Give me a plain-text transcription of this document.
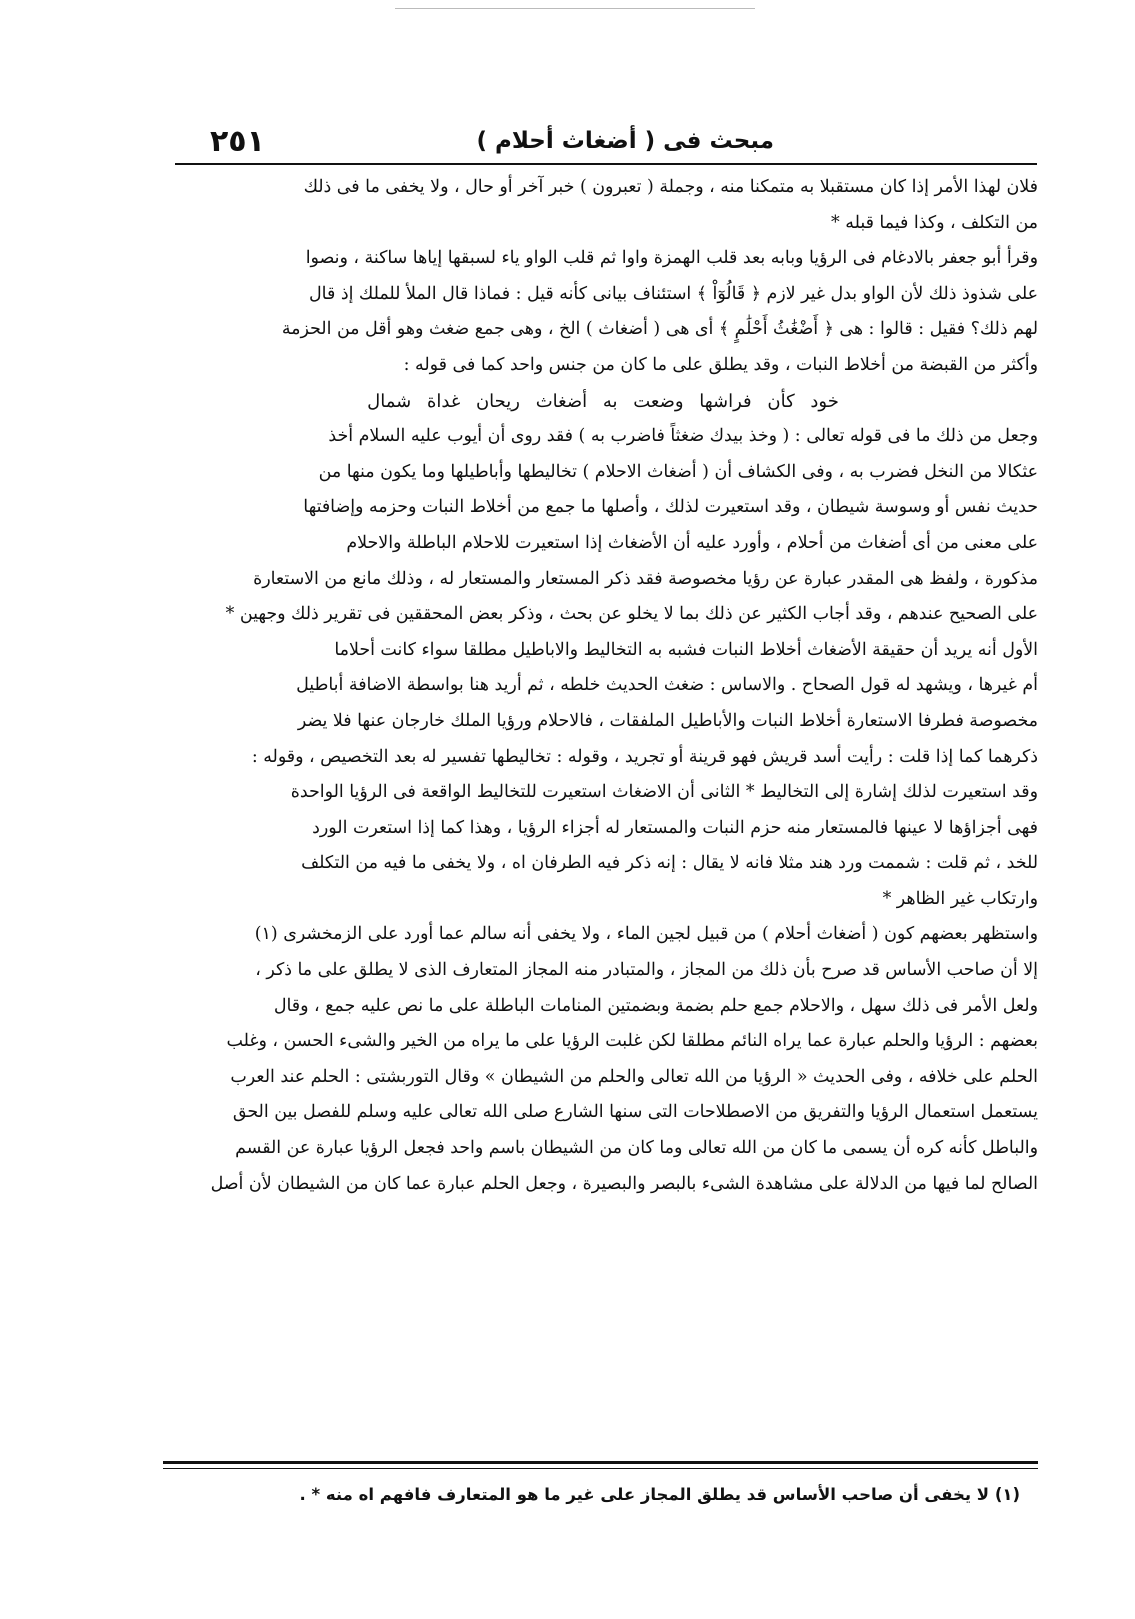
٢٥١	مبحث فى ( أضغاث أحلام )
فلان لهذا الأمر إذا كان مستقبلا به متمكنا منه ، وجملة ( تعبرون ) خبر آخر أو حال ، ولا يخفى ما فى ذلك
من التكلف ، وكذا فيما قبله *
وقرأ أبو جعفر بالادغام فى الرؤيا وبابه بعد قلب الهمزة واوا ثم قلب الواو ياء لسبقها إياها ساكنة ، ونصوا
على شذوذ ذلك لأن الواو بدل غير لازم ﴿ قَالُوٓاْ ﴾ استئناف بيانى كأنه قيل : فماذا قال الملأ للملك إذ قال
لهم ذلك؟ فقيل : قالوا : هى ﴿ أَضْغَٰثُ أَحْلَٰمٍ ﴾ أى هى ( أضغاث ) الخ ، وهى جمع ضغث وهو أقل من الحزمة
وأكثر من القبضة من أخلاط النبات ، وقد يطلق على ما كان من جنس واحد كما فى قوله :
خود كأن فراشها وضعت به أضغاث ريحان غداة شمال
وجعل من ذلك ما فى قوله تعالى : ( وخذ بيدك ضغثاً فاضرب به ) فقد روى أن أيوب عليه السلام أخذ
عثكالا من النخل فضرب به ، وفى الكشاف أن ( أضغاث الاحلام ) تخاليطها وأباطيلها وما يكون منها من
حديث نفس أو وسوسة شيطان ، وقد استعيرت لذلك ، وأصلها ما جمع من أخلاط النبات وحزمه وإضافتها
على معنى من أى أضغاث من أحلام ، وأورد عليه أن الأضغاث إذا استعيرت للاحلام الباطلة والاحلام
مذكورة ، ولفظ هى المقدر عبارة عن رؤيا مخصوصة فقد ذكر المستعار والمستعار له ، وذلك مانع من الاستعارة
على الصحيح عندهم ، وقد أجاب الكثير عن ذلك بما لا يخلو عن بحث ، وذكر بعض المحققين فى تقرير ذلك وجهين *
الأول أنه يريد أن حقيقة الأضغاث أخلاط النبات فشبه به التخاليط والاباطيل مطلقا سواء كانت أحلاما
أم غيرها ، ويشهد له قول الصحاح . والاساس : ضغث الحديث خلطه ، ثم أريد هنا بواسطة الاضافة أباطيل
مخصوصة فطرفا الاستعارة أخلاط النبات والأباطيل الملفقات ، فالاحلام ورؤيا الملك خارجان عنها فلا يضر
ذكرهما كما إذا قلت : رأيت أسد قريش فهو قرينة أو تجريد ، وقوله : تخاليطها تفسير له بعد التخصيص ، وقوله :
وقد استعيرت لذلك إشارة إلى التخاليط * الثانى أن الاضغاث استعيرت للتخاليط الواقعة فى الرؤيا الواحدة
فهى أجزاؤها لا عينها فالمستعار منه حزم النبات والمستعار له أجزاء الرؤيا ، وهذا كما إذا استعرت الورد
للخد ، ثم قلت : شممت ورد هند مثلا فانه لا يقال : إنه ذكر فيه الطرفان اه ، ولا يخفى ما فيه من التكلف
وارتكاب غير الظاهر *
واستظهر بعضهم كون ( أضغاث أحلام ) من قبيل لجين الماء ، ولا يخفى أنه سالم عما أورد على الزمخشرى (١)
إلا أن صاحب الأساس قد صرح بأن ذلك من المجاز ، والمتبادر منه المجاز المتعارف الذى لا يطلق على ما ذكر ،
ولعل الأمر فى ذلك سهل ، والاحلام جمع حلم بضمة وبضمتين المنامات الباطلة على ما نص عليه جمع ، وقال
بعضهم : الرؤيا والحلم عبارة عما يراه النائم مطلقا لكن غلبت الرؤيا على ما يراه من الخير والشىء الحسن ، وغلب
الحلم على خلافه ، وفى الحديث « الرؤيا من الله تعالى والحلم من الشيطان » وقال التوربشتى : الحلم عند العرب
يستعمل استعمال الرؤيا والتفريق من الاصطلاحات التى سنها الشارع صلى الله تعالى عليه وسلم للفصل بين الحق
والباطل كأنه كره أن يسمى ما كان من الله تعالى وما كان من الشيطان باسم واحد فجعل الرؤيا عبارة عن القسم
الصالح لما فيها من الدلالة على مشاهدة الشىء بالبصر والبصيرة ، وجعل الحلم عبارة عما كان من الشيطان لأن أصل
(١) لا يخفى أن صاحب الأساس قد يطلق المجاز على غير ما هو المتعارف فافهم اه منه * .
